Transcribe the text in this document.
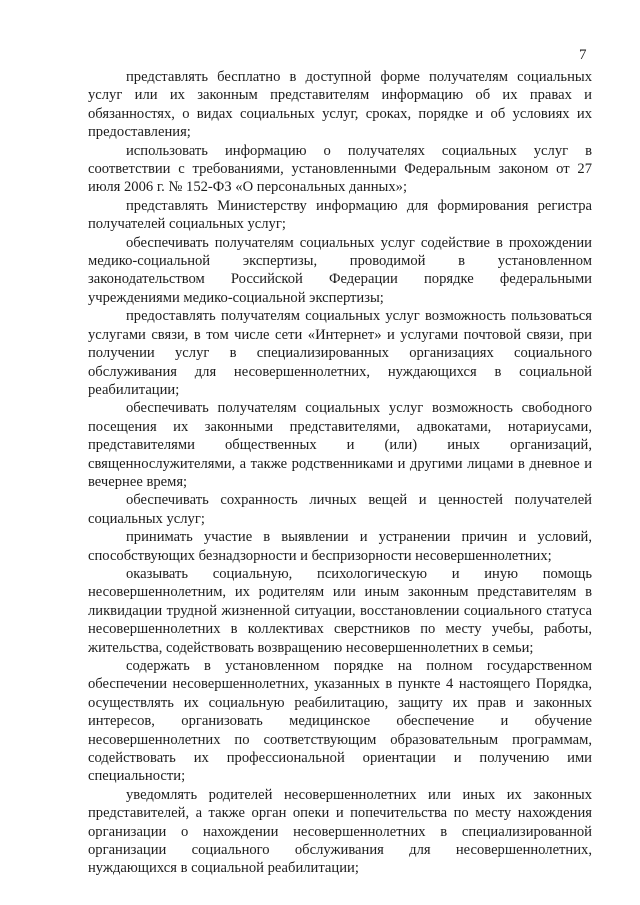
7

представлять бесплатно в доступной форме получателям социальных услуг или их законным представителям информацию об их правах и обязанностях, о видах социальных услуг, сроках, порядке и об условиях их предоставления;

использовать информацию о получателях социальных услуг в соответствии с требованиями, установленными Федеральным законом от 27 июля 2006 г. № 152-ФЗ «О персональных данных»;

представлять Министерству информацию для формирования регистра получателей социальных услуг;

обеспечивать получателям социальных услуг содействие в прохождении медико-социальной экспертизы, проводимой в установленном законодательством Российской Федерации порядке федеральными учреждениями медико-социальной экспертизы;

предоставлять получателям социальных услуг возможность пользоваться услугами связи, в том числе сети «Интернет» и услугами почтовой связи, при получении услуг в специализированных организациях социального обслуживания для несовершеннолетних, нуждающихся в социальной реабилитации;

обеспечивать получателям социальных услуг возможность свободного посещения их законными представителями, адвокатами, нотариусами, представителями общественных и (или) иных организаций, священнослужителями, а также родственниками и другими лицами в дневное и вечернее время;

обеспечивать сохранность личных вещей и ценностей получателей социальных услуг;

принимать участие в выявлении и устранении причин и условий, способствующих безнадзорности и беспризорности несовершеннолетних;

оказывать социальную, психологическую и иную помощь несовершеннолетним, их родителям или иным законным представителям в ликвидации трудной жизненной ситуации, восстановлении социального статуса несовершеннолетних в коллективах сверстников по месту учебы, работы, жительства, содействовать возвращению несовершеннолетних в семьи;

содержать в установленном порядке на полном государственном обеспечении несовершеннолетних, указанных в пункте 4 настоящего Порядка, осуществлять их социальную реабилитацию, защиту их прав и законных интересов, организовать медицинское обеспечение и обучение несовершеннолетних по соответствующим образовательным программам, содействовать их профессиональной ориентации и получению ими специальности;

уведомлять родителей несовершеннолетних или иных их законных представителей, а также орган опеки и попечительства по месту нахождения организации о нахождении несовершеннолетних в специализированной организации социального обслуживания для несовершеннолетних, нуждающихся в социальной реабилитации;
